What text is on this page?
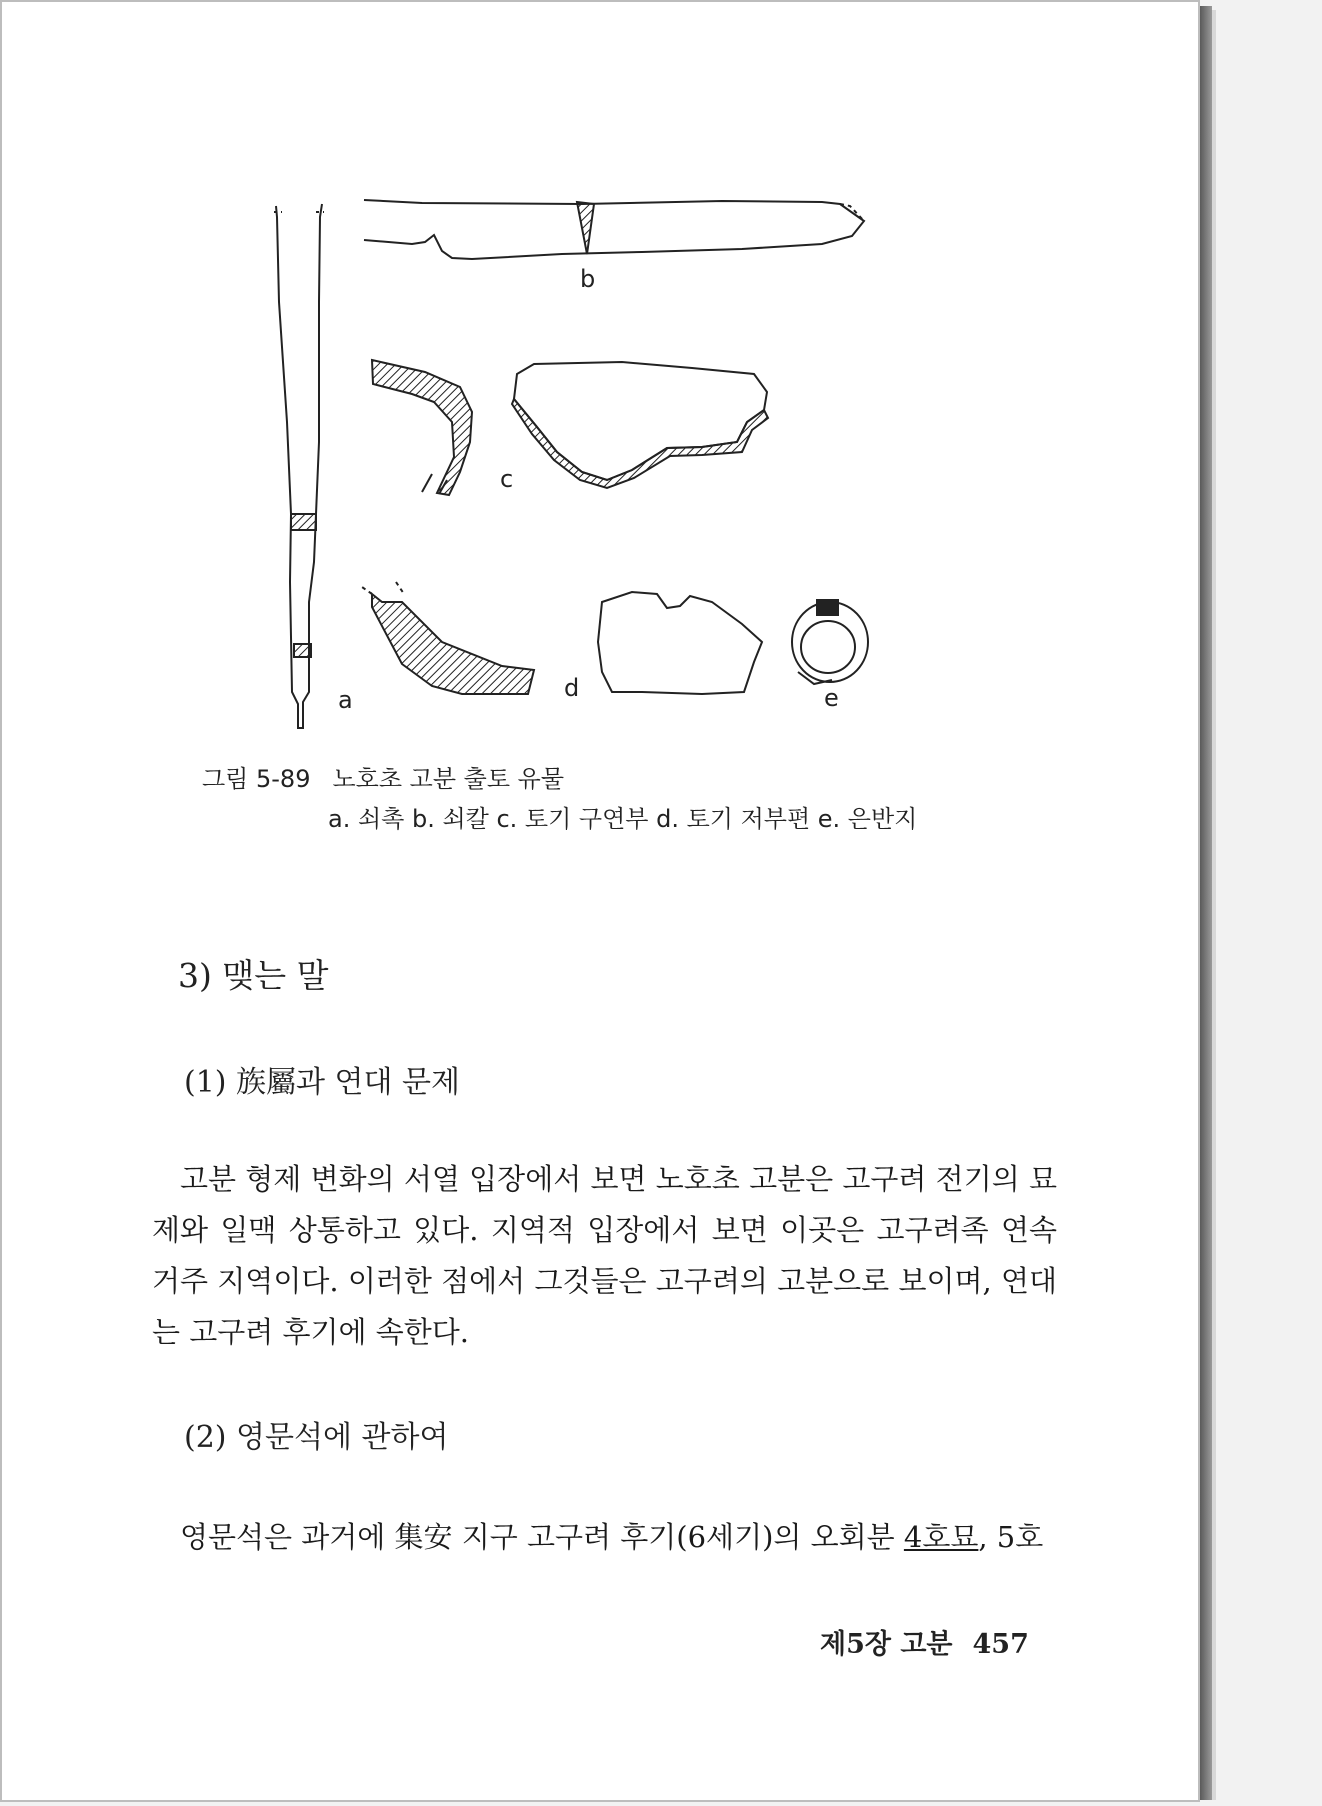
a
b
c
d	e
그림 5-89 노호초 고분 출토 유물
a. 쇠촉 b. 쇠칼 c. 토기 구연부 d. 토기 저부편 e. 은반지
3) 맺는 말
(1) 族屬과 연대 문제
고분 형제 변화의 서열 입장에서 보면 노호초 고분은 고구려 전기의 묘제와 일맥 상통하고 있다. 지역적 입장에서 보면 이곳은 고구려족 연속 거주 지역이다. 이러한 점에서 그것들은 고구려의 고분으로 보이며, 연대는 고구려 후기에 속한다.
(2) 영문석에 관하여
영문석은 과거에 集安 지구 고구려 후기(6세기)의 오회분 4호묘, 5호
제5장 고분 457
